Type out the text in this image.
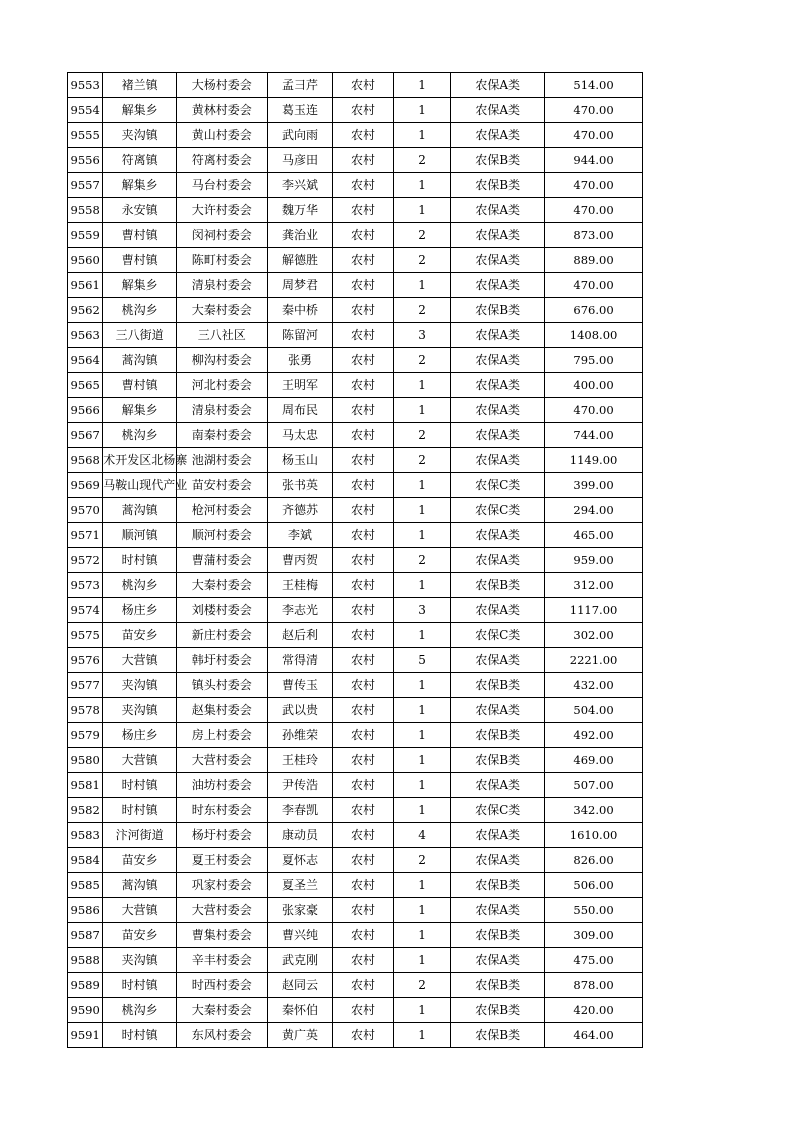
9553	褚兰镇	大杨村委会	孟彐芹	农村	1	农保A类	514.00
9554	解集乡	黄林村委会	葛玉连	农村	1	农保A类	470.00
9555	夹沟镇	黄山村委会	武向雨	农村	1	农保A类	470.00
9556	符离镇	符离村委会	马彦田	农村	2	农保B类	944.00
9557	解集乡	马台村委会	李兴斌	农村	1	农保B类	470.00
9558	永安镇	大许村委会	魏万华	农村	1	农保A类	470.00
9559	曹村镇	闵祠村委会	龚治业	农村	2	农保A类	873.00
9560	曹村镇	陈町村委会	解德胜	农村	2	农保A类	889.00
9561	解集乡	清泉村委会	周梦君	农村	1	农保A类	470.00
9562	桃沟乡	大秦村委会	秦中桥	农村	2	农保B类	676.00
9563	三八街道	三八社区	陈留河	农村	3	农保A类	1408.00
9564	蒿沟镇	柳沟村委会	张勇	农村	2	农保A类	795.00
9565	曹村镇	河北村委会	王明军	农村	1	农保A类	400.00
9566	解集乡	清泉村委会	周布民	农村	1	农保A类	470.00
9567	桃沟乡	南秦村委会	马太忠	农村	2	农保A类	744.00
9568	术开发区北杨寨	池湖村委会	杨玉山	农村	2	农保A类	1149.00
9569	马鞍山现代产业	苗安村委会	张书英	农村	1	农保C类	399.00
9570	蒿沟镇	枪河村委会	齐德苏	农村	1	农保C类	294.00
9571	顺河镇	顺河村委会	李斌	农村	1	农保A类	465.00
9572	时村镇	曹蒲村委会	曹丙贺	农村	2	农保A类	959.00
9573	桃沟乡	大秦村委会	王桂梅	农村	1	农保B类	312.00
9574	杨庄乡	刘楼村委会	李志光	农村	3	农保A类	1117.00
9575	苗安乡	新庄村委会	赵后利	农村	1	农保C类	302.00
9576	大营镇	韩圩村委会	常得清	农村	5	农保A类	2221.00
9577	夹沟镇	镇头村委会	曹传玉	农村	1	农保B类	432.00
9578	夹沟镇	赵集村委会	武以贵	农村	1	农保A类	504.00
9579	杨庄乡	房上村委会	孙维荣	农村	1	农保B类	492.00
9580	大营镇	大营村委会	王桂玲	农村	1	农保B类	469.00
9581	时村镇	油坊村委会	尹传浩	农村	1	农保A类	507.00
9582	时村镇	时东村委会	李春凯	农村	1	农保C类	342.00
9583	汴河街道	杨圩村委会	康动员	农村	4	农保A类	1610.00
9584	苗安乡	夏王村委会	夏怀志	农村	2	农保A类	826.00
9585	蒿沟镇	巩家村委会	夏圣兰	农村	1	农保B类	506.00
9586	大营镇	大营村委会	张家豪	农村	1	农保A类	550.00
9587	苗安乡	曹集村委会	曹兴纯	农村	1	农保B类	309.00
9588	夹沟镇	辛丰村委会	武克刚	农村	1	农保A类	475.00
9589	时村镇	时西村委会	赵同云	农村	2	农保B类	878.00
9590	桃沟乡	大秦村委会	秦怀伯	农村	1	农保B类	420.00
9591	时村镇	东风村委会	黄广英	农村	1	农保B类	464.00
